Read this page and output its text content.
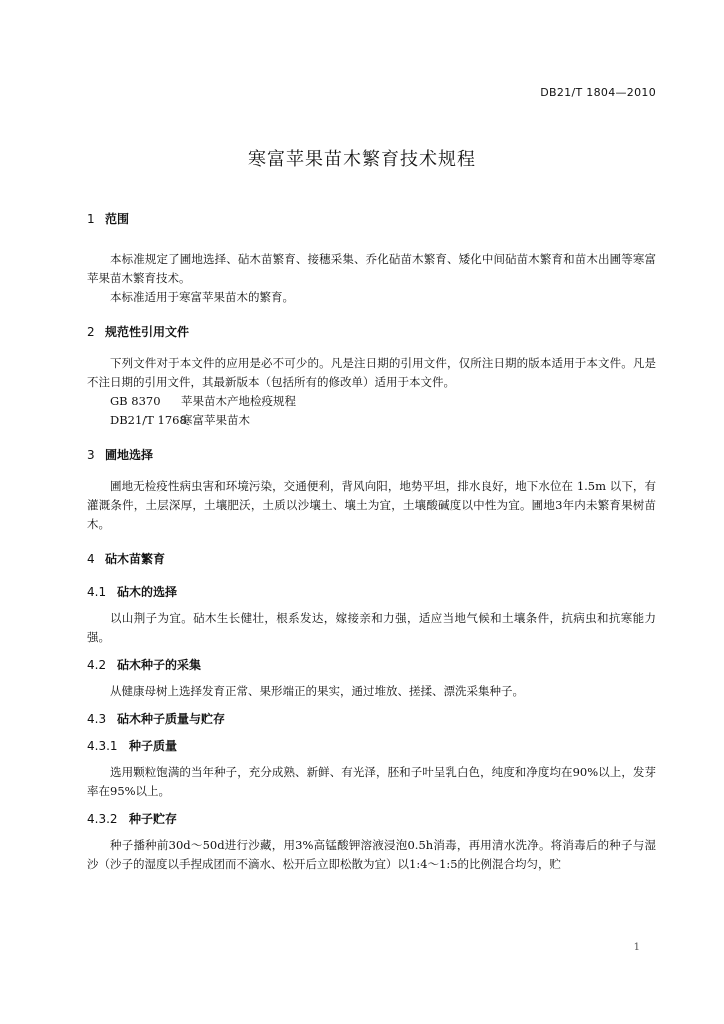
DB21/T 1804—2010
寒富苹果苗木繁育技术规程
1 范围

本标准规定了圃地选择、砧木苗繁育、接穗采集、乔化砧苗木繁育、矮化中间砧苗木繁育和苗木出圃等寒富苹果苗木繁育技术。

本标准适用于寒富苹果苗木的繁育。

2 规范性引用文件

下列文件对于本文件的应用是必不可少的。凡是注日期的引用文件，仅所注日期的版本适用于本文件。凡是不注日期的引用文件，其最新版本（包括所有的修改单）适用于本文件。

GB 8370 苹果苗木产地检疫规程
DB21/T 1768寒富苹果苗木
3 圃地选择

圃地无检疫性病虫害和环境污染，交通便利，背风向阳，地势平坦，排水良好，地下水位在 1.5m 以下，有灌溉条件，土层深厚，土壤肥沃，土质以沙壤土、壤土为宜，土壤酸碱度以中性为宜。圃地3年内未繁育果树苗木。

4 砧木苗繁育
4.1 砧木的选择

以山荆子为宜。砧木生长健壮，根系发达，嫁接亲和力强，适应当地气候和土壤条件，抗病虫和抗寒能力强。

4.2 砧木种子的采集

从健康母树上选择发育正常、果形端正的果实，通过堆放、搓揉、漂洗采集种子。

4.3 砧木种子质量与贮存
4.3.1 种子质量

选用颗粒饱满的当年种子，充分成熟、新鲜、有光泽，胚和子叶呈乳白色，纯度和净度均在90%以上，发芽率在95%以上。

4.3.2 种子贮存

种子播种前30d～50d进行沙藏，用3%高锰酸钾溶液浸泡0.5h消毒，再用清水洗净。将消毒后的种子与湿沙（沙子的湿度以手捏成团而不滴水、松开后立即松散为宜）以1:4～1:5的比例混合均匀，贮

1
